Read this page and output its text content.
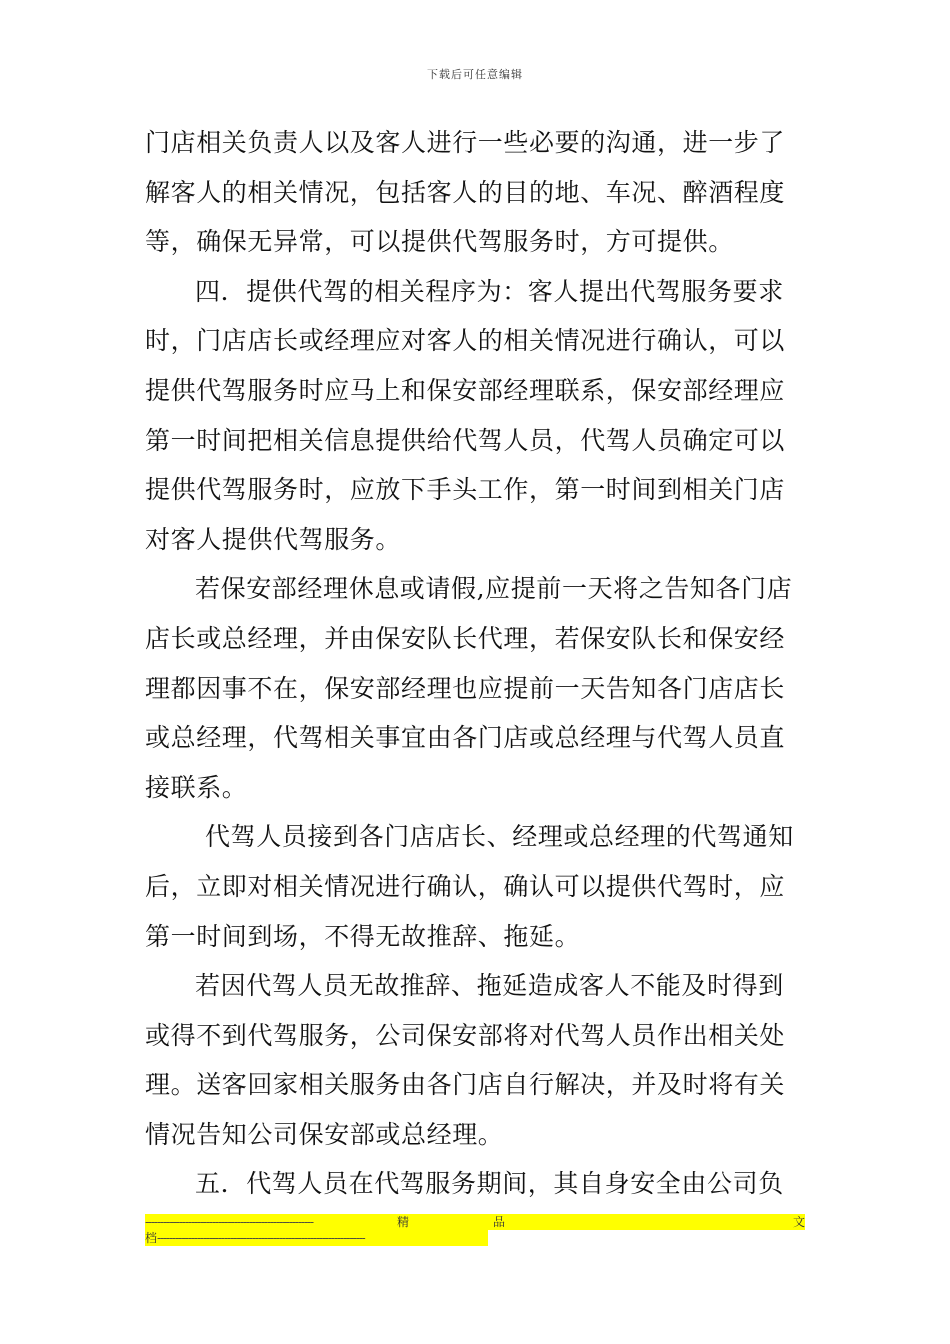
下载后可任意编辑

门店相关负责人以及客人进行一些必要的沟通，进一步了
解客人的相关情况，包括客人的目的地、车况、醉酒程度
等，确保无异常，可以提供代驾服务时，方可提供。

四．提供代驾的相关程序为：客人提出代驾服务要求
时，门店店长或经理应对客人的相关情况进行确认，可以
提供代驾服务时应马上和保安部经理联系，保安部经理应
第一时间把相关信息提供给代驾人员，代驾人员确定可以
提供代驾服务时，应放下手头工作，第一时间到相关门店
对客人提供代驾服务。

若保安部经理休息或请假,应提前一天将之告知各门店
店长或总经理，并由保安队长代理，若保安队长和保安经
理都因事不在，保安部经理也应提前一天告知各门店店长
或总经理，代驾相关事宜由各门店或总经理与代驾人员直
接联系。

代驾人员接到各门店店长、经理或总经理的代驾通知
后，立即对相关情况进行确认，确认可以提供代驾时，应
第一时间到场，不得无故推辞、拖延。

若因代驾人员无故推辞、拖延造成客人不能及时得到
或得不到代驾服务，公司保安部将对代驾人员作出相关处
理。送客回家相关服务由各门店自行解决，并及时将有关
情况告知公司保安部或总经理。

五．代驾人员在代驾服务期间，其自身安全由公司负

-------------------------------------------------------	精	品	文
档 --------------------------------------------------------------------
